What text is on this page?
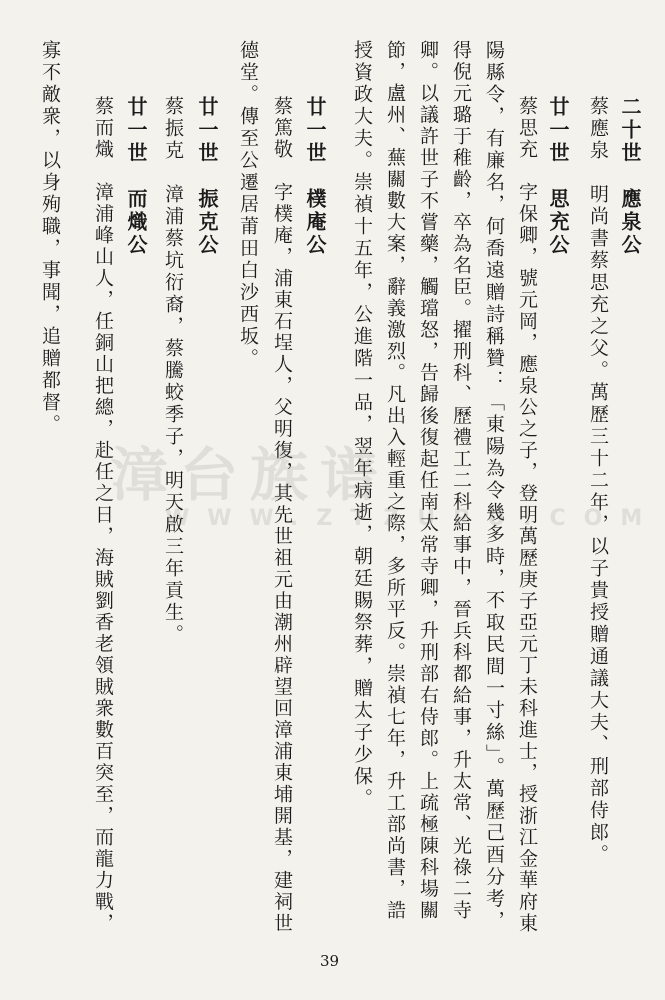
二十世　應泉公
蔡應泉　明尚書蔡思充之父。萬歷三十二年，以子貴授贈通議大夫、刑部侍郎。
廿一世　思充公
蔡思充　字保卿，號元岡，應泉公之子，登明萬歷庚子亞元丁未科進士，授浙江金華府東
陽縣令，有廉名，何喬遠贈詩稱贊：「東陽為令幾多時，不取民間一寸絲」。萬歷己酉分考，
得倪元璐于稚齡，卒為名臣。擢刑科、歷禮工二科給事中，晉兵科都給事，升太常、光祿二寺
卿。以議許世子不嘗藥，觸璫怒，告歸後復起任南太常寺卿，升刑部右侍郎。上疏極陳科場關
節，盧州、蕪關數大案，辭義激烈。凡出入輕重之際，多所平反。崇禎七年，升工部尚書，誥
授資政大夫。崇禎十五年，公進階一品，翌年病逝，朝廷賜祭葬，贈太子少保。
廿一世　樸庵公
蔡篤敬　字樸庵，浦東石埕人，父明復，其先世祖元由潮州辟望回漳浦東埔開基，建祠世
德堂。傳至公遷居莆田白沙西坂。
廿一世　振克公
蔡振克　漳浦蔡坑衍裔，蔡騰蛟季子，明天啟三年貢生。
廿一世　而熾公
蔡而熾　漳浦峰山人，任銅山把總，赴任之日，海賊劉香老領賊衆數百突至，而龍力戰，
寡不敵衆，以身殉職，事聞，追贈都督。
漳台族谱
WWW.ZTZUPU.COM
39
